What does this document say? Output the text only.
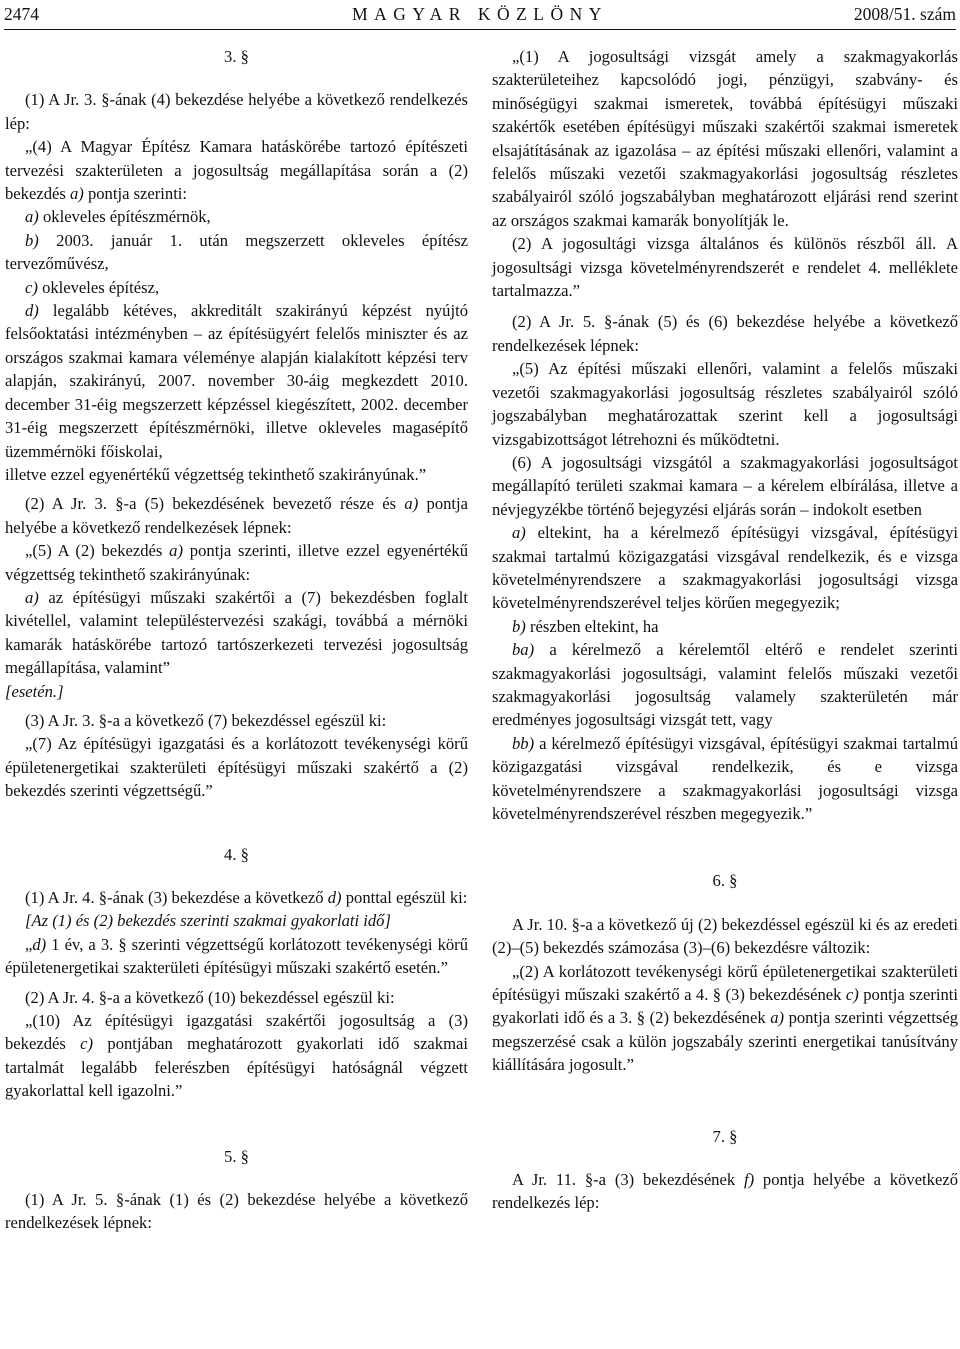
2474	MAGYAR KÖZLÖNY	2008/51. szám

3. §

(1) A Jr. 3. §-ának (4) bekezdése helyébe a következő rendelkezés lép:

„(4) A Magyar Építész Kamara hatáskörébe tartozó építészeti tervezési szakterületen a jogosultság megállapítása során a (2) bekezdés a) pontja szerinti:

a) okleveles építészmérnök,

b) 2003. január 1. után megszerzett okleveles építész tervezőművész,

c) okleveles építész,

d) legalább kétéves, akkreditált szakirányú képzést nyújtó felsőoktatási intézményben – az építésügyért felelős miniszter és az országos szakmai kamara véleménye alapján kialakított képzési terv alapján, szakirányú, 2007. november 30-áig megkezdett 2010. december 31-éig megszerzett képzéssel kiegészített, 2002. december 31-éig megszerzett építészmérnöki, illetve okleveles magasépítő üzemmérnöki főiskolai,

illetve ezzel egyenértékű végzettség tekinthető szakirányúnak.”

(2) A Jr. 3. §-a (5) bekezdésének bevezető része és a) pontja helyébe a következő rendelkezések lépnek:

„(5) A (2) bekezdés a) pontja szerinti, illetve ezzel egyenértékű végzettség tekinthető szakirányúnak:

a) az építésügyi műszaki szakértői a (7) bekezdésben foglalt kivétellel, valamint településtervezési szakági, továbbá a mérnöki kamarák hatáskörébe tartozó tartószerkezeti tervezési jogosultság megállapítása, valamint”

[esetén.]

(3) A Jr. 3. §-a a következő (7) bekezdéssel egészül ki:

„(7) Az építésügyi igazgatási és a korlátozott tevékenységi körű épületenergetikai szakterületi építésügyi műszaki szakértő a (2) bekezdés szerinti végzettségű.”

4. §

(1) A Jr. 4. §-ának (3) bekezdése a következő d) ponttal egészül ki:

[Az (1) és (2) bekezdés szerinti szakmai gyakorlati idő]

„d) 1 év, a 3. § szerinti végzettségű korlátozott tevékenységi körű épületenergetikai szakterületi építésügyi műszaki szakértő esetén.”

(2) A Jr. 4. §-a a következő (10) bekezdéssel egészül ki:

„(10) Az építésügyi igazgatási szakértői jogosultság a (3) bekezdés c) pontjában meghatározott gyakorlati idő szakmai tartalmát legalább felerészben építésügyi hatóságnál végzett gyakorlattal kell igazolni.”

5. §

(1) A Jr. 5. §-ának (1) és (2) bekezdése helyébe a következő rendelkezések lépnek:

„(1) A jogosultsági vizsgát amely a szakmagyakorlás szakterületeihez kapcsolódó jogi, pénzügyi, szabvány- és minőségügyi szakmai ismeretek, továbbá építésügyi műszaki szakértők esetében építésügyi műszaki szakértői szakmai ismeretek elsajátításának az igazolása – az építési műszaki ellenőri, valamint a felelős műszaki vezetői szakmagyakorlási jogosultság részletes szabályairól szóló jogszabályban meghatározott eljárási rend szerint az országos szakmai kamarák bonyolítják le.

(2) A jogosultági vizsga általános és különös részből áll. A jogosultsági vizsga követelményrendszerét e rendelet 4. melléklete tartalmazza.”

(2) A Jr. 5. §-ának (5) és (6) bekezdése helyébe a következő rendelkezések lépnek:

„(5) Az építési műszaki ellenőri, valamint a felelős műszaki vezetői szakmagyakorlási jogosultság részletes szabályairól szóló jogszabályban meghatározattak szerint kell a jogosultsági vizsgabizottságot létrehozni és működtetni.

(6) A jogosultsági vizsgától a szakmagyakorlási jogosultságot megállapító területi szakmai kamara – a kérelem elbírálása, illetve a névjegyzékbe történő bejegyzési eljárás során – indokolt esetben

a) eltekint, ha a kérelmező építésügyi vizsgával, építésügyi szakmai tartalmú közigazgatási vizsgával rendelkezik, és e vizsga követelményrendszere a szakmagyakorlási jogosultsági vizsga követelményrendszerével teljes körűen megegyezik;

b) részben eltekint, ha

ba) a kérelmező a kérelemtől eltérő e rendelet szerinti szakmagyakorlási jogosultsági, valamint felelős műszaki vezetői szakmagyakorlási jogosultság valamely szakterületén már eredményes jogosultsági vizsgát tett, vagy

bb) a kérelmező építésügyi vizsgával, építésügyi szakmai tartalmú közigazgatási vizsgával rendelkezik, és e vizsga követelményrendszere a szakmagyakorlási jogosultsági vizsga követelményrendszerével részben megegyezik.”

6. §

A Jr. 10. §-a a következő új (2) bekezdéssel egészül ki és az eredeti (2)–(5) bekezdés számozása (3)–(6) bekezdésre változik:

„(2) A korlátozott tevékenységi körű épületenergetikai szakterületi építésügyi műszaki szakértő a 4. § (3) bekezdésének c) pontja szerinti gyakorlati idő és a 3. § (2) bekezdésének a) pontja szerinti végzettség megszerzésé csak a külön jogszabály szerinti energetikai tanúsítvány kiállítására jogosult.”

7. §

A Jr. 11. §-a (3) bekezdésének f) pontja helyébe a következő rendelkezés lép:
